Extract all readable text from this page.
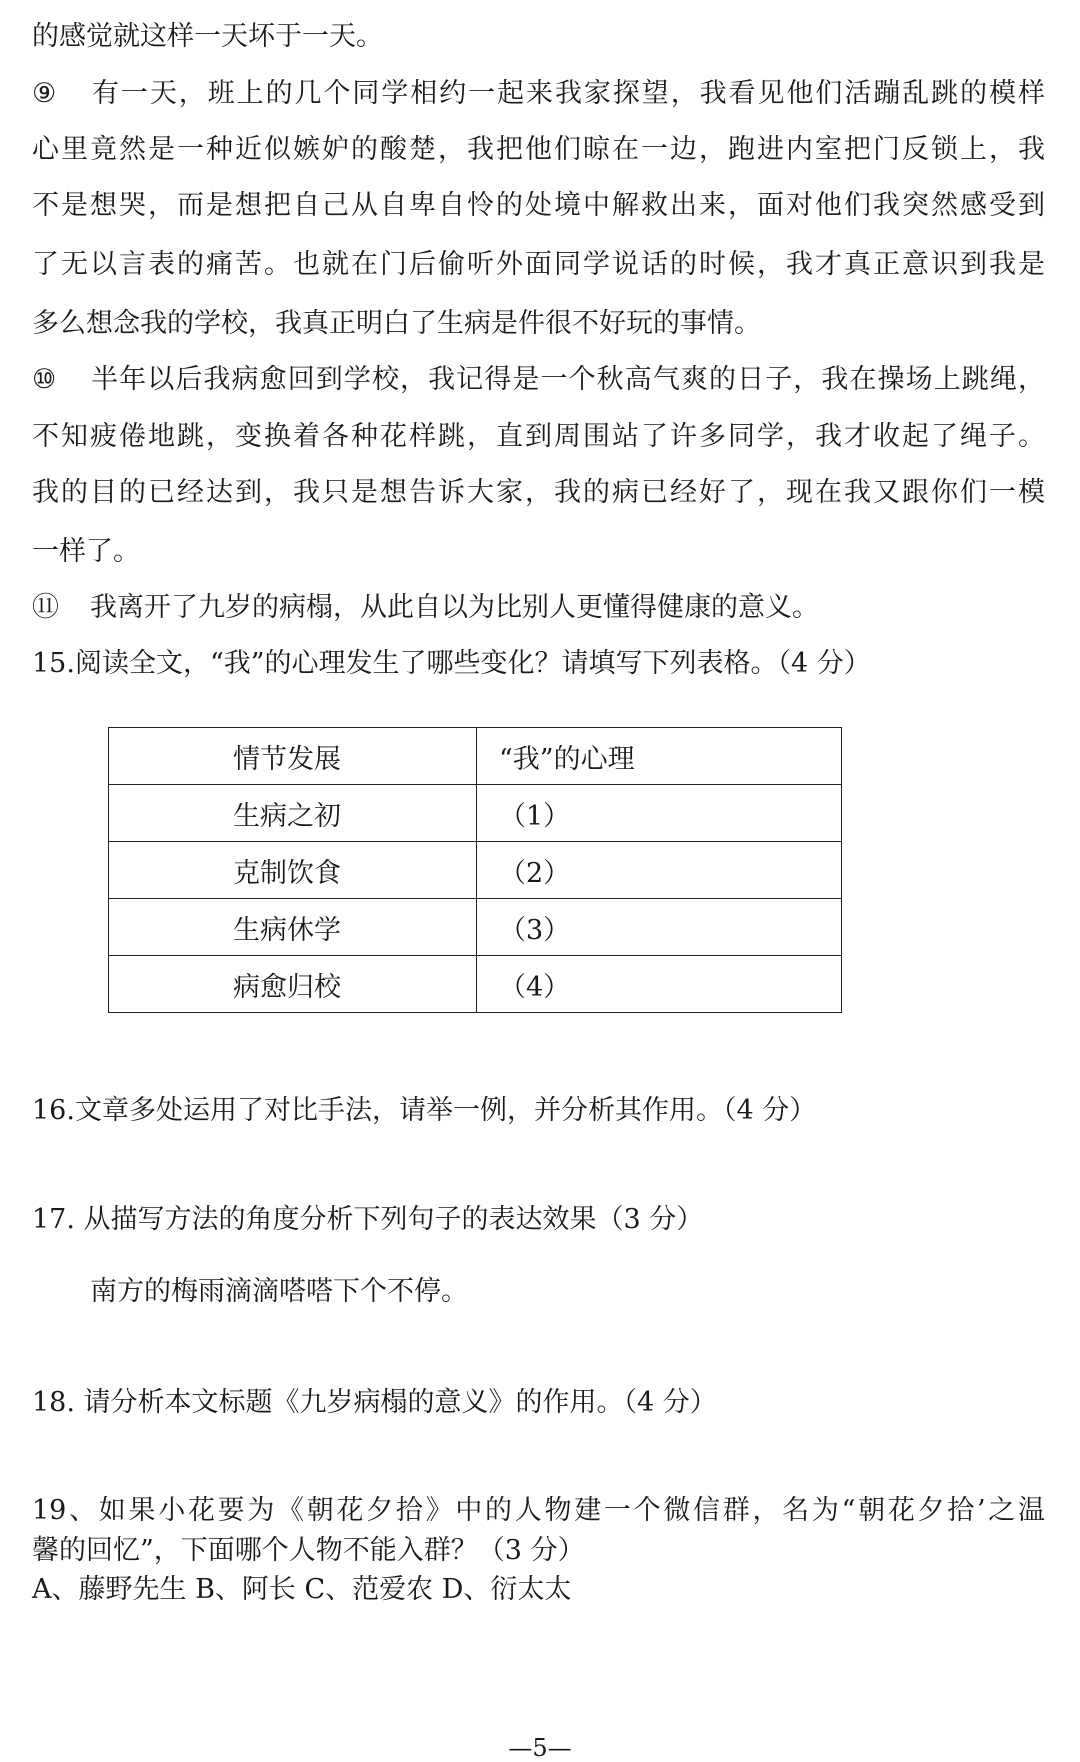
的感觉就这样一天坏于一天。
⑨ 有一天，班上的几个同学相约一起来我家探望，我看见他们活蹦乱跳的模样
心里竟然是一种近似嫉妒的酸楚，我把他们晾在一边，跑进内室把门反锁上，我
不是想哭，而是想把自己从自卑自怜的处境中解救出来，面对他们我突然感受到
了无以言表的痛苦。也就在门后偷听外面同学说话的时候，我才真正意识到我是
多么想念我的学校，我真正明白了生病是件很不好玩的事情。
⑩ 半年以后我病愈回到学校，我记得是一个秋高气爽的日子，我在操场上跳绳，
不知疲倦地跳，变换着各种花样跳，直到周围站了许多同学，我才收起了绳子。
我的目的已经达到，我只是想告诉大家，我的病已经好了，现在我又跟你们一模
一样了。
⑪ 我离开了九岁的病榻，从此自以为比别人更懂得健康的意义。
15.阅读全文，“我”的心理发生了哪些变化？请填写下列表格。（4 分）
情节发展	“我”的心理
生病之初	（1）
克制饮食	（2）
生病休学	（3）
病愈归校	（4）
16.文章多处运用了对比手法，请举一例，并分析其作用。（4 分）
17. 从描写方法的角度分析下列句子的表达效果（3 分）
南方的梅雨滴滴嗒嗒下个不停。
18. 请分析本文标题《九岁病榻的意义》的作用。（4 分）
19、如果小花要为《朝花夕拾》中的人物建一个微信群，名为“朝花夕拾’之温
馨的回忆”，下面哪个人物不能入群？（3 分）
A、藤野先生 B、阿长 C、范爱农 D、衍太太
—5—
